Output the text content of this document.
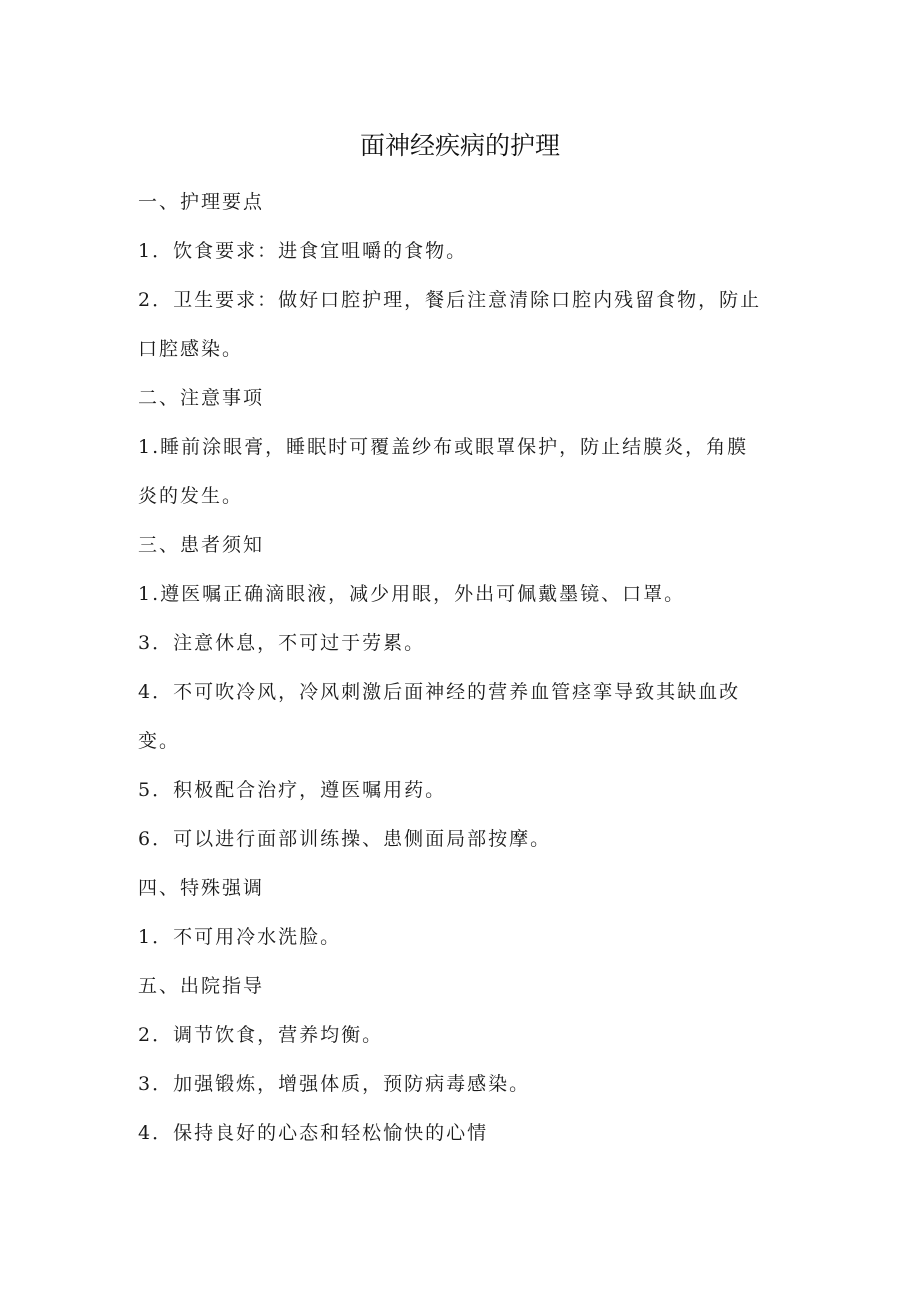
面神经疾病的护理
一、护理要点
1．饮食要求：进食宜咀嚼的食物。
2．卫生要求：做好口腔护理，餐后注意清除口腔内残留食物，防止
口腔感染。
二、注意事项
1.睡前涂眼膏，睡眠时可覆盖纱布或眼罩保护，防止结膜炎，角膜
炎的发生。
三、患者须知
1.遵医嘱正确滴眼液，减少用眼，外出可佩戴墨镜、口罩。
3．注意休息，不可过于劳累。
4．不可吹冷风，冷风刺激后面神经的营养血管痉挛导致其缺血改
变。
5．积极配合治疗，遵医嘱用药。
6．可以进行面部训练操、患侧面局部按摩。
四、特殊强调
1．不可用冷水洗脸。
五、出院指导
2．调节饮食，营养均衡。
3．加强锻炼，增强体质，预防病毒感染。
4．保持良好的心态和轻松愉快的心情
